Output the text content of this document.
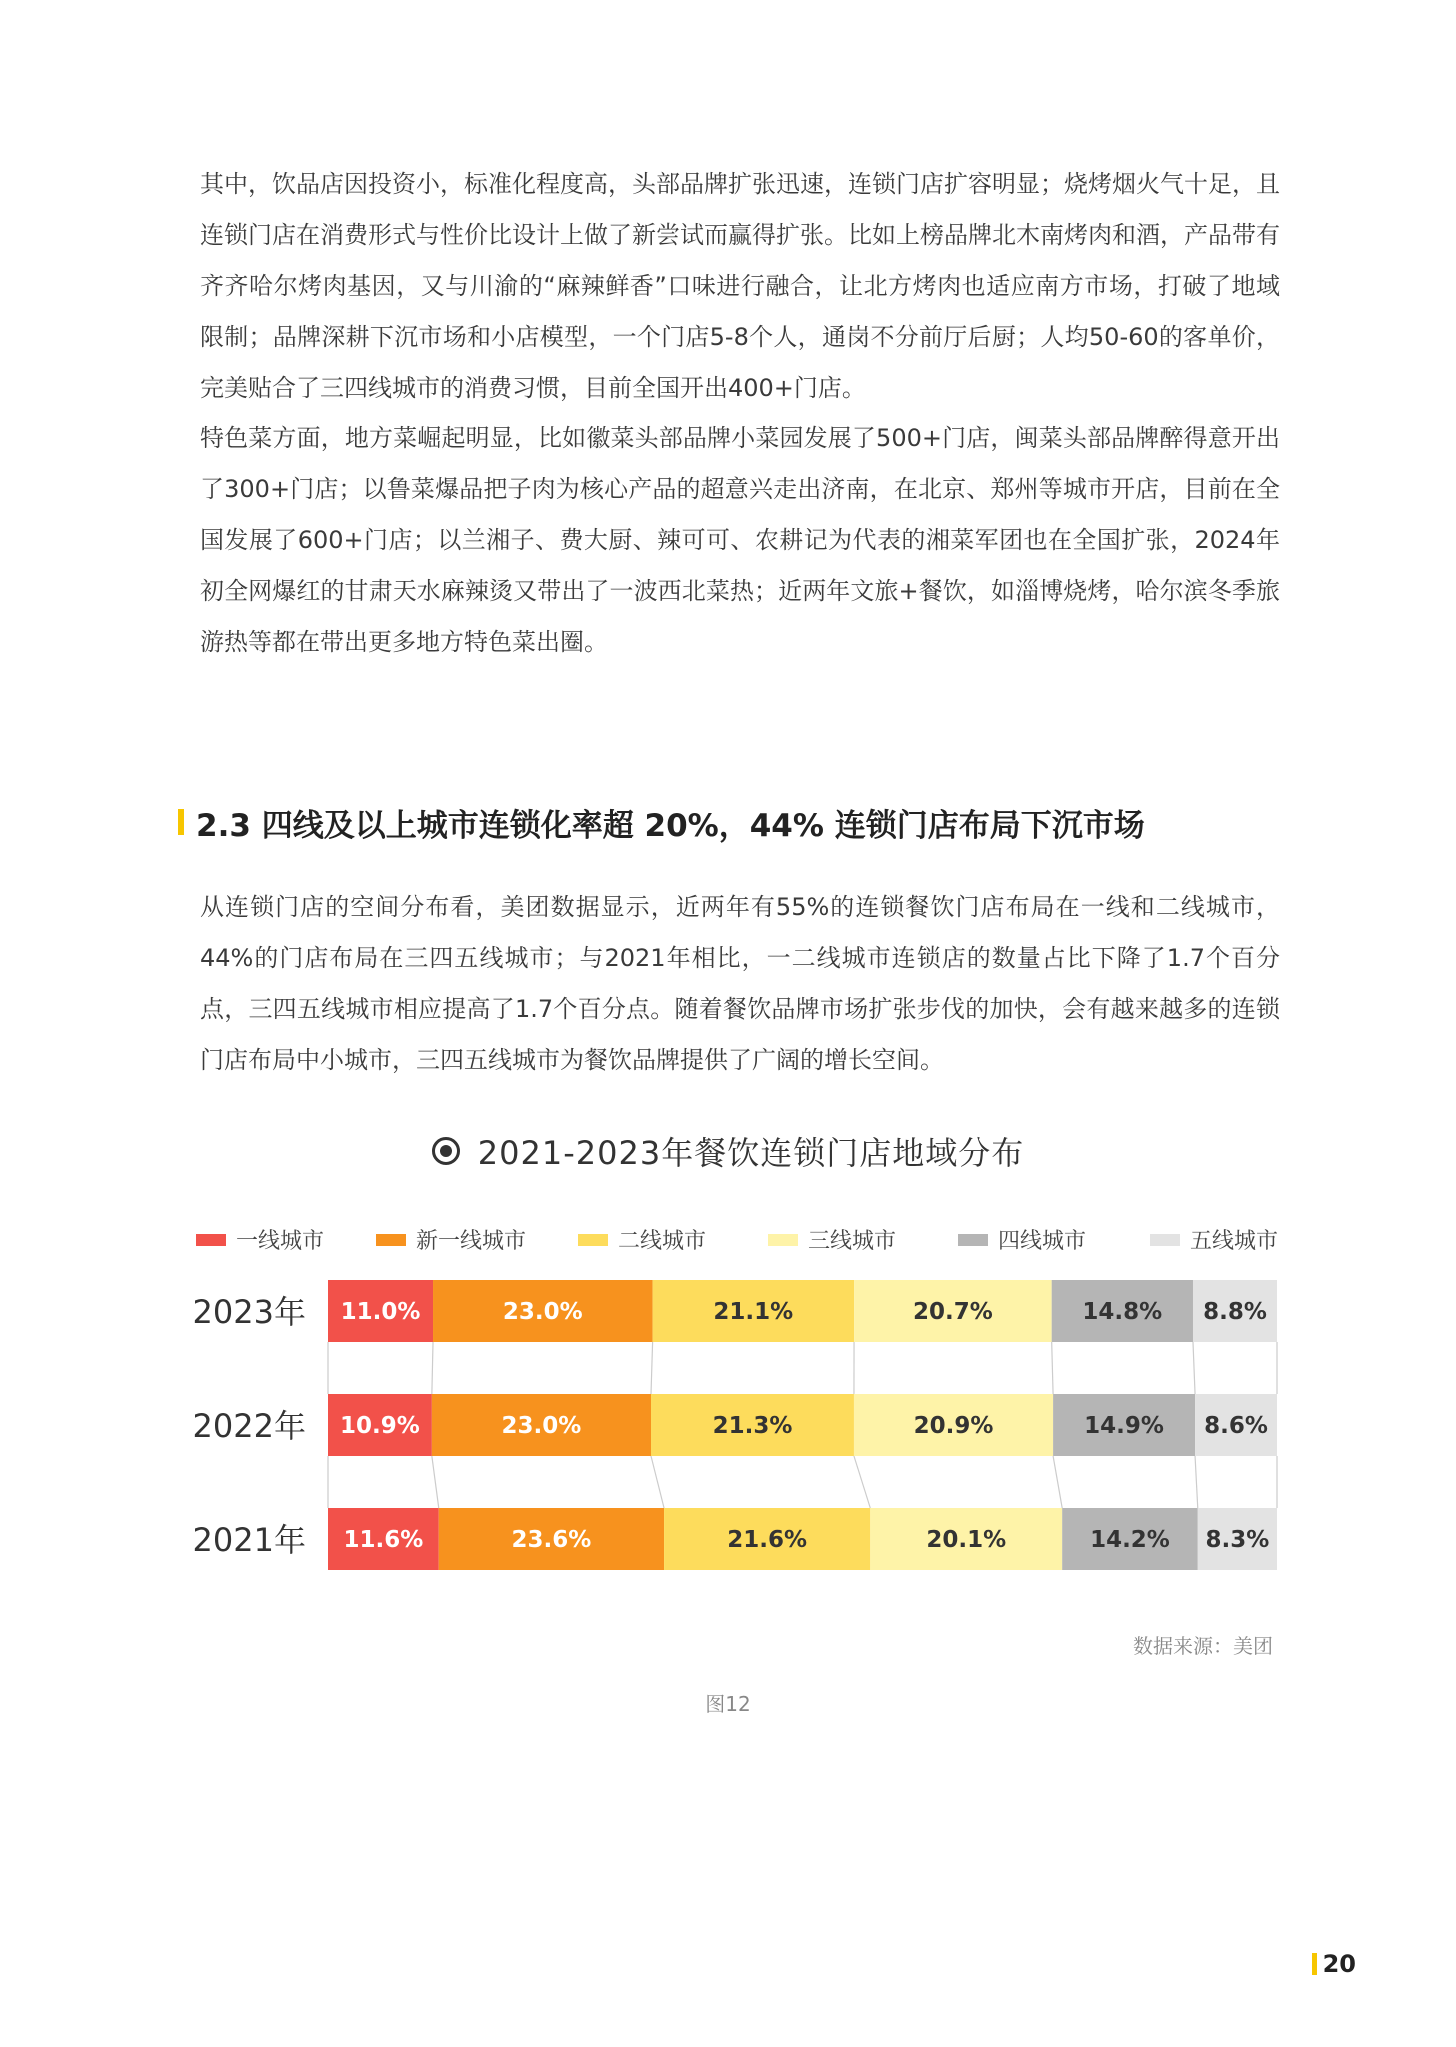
其中，饮品店因投资小，标准化程度高，头部品牌扩张迅速，连锁门店扩容明显；烧烤烟火气十足，且连锁门店在消费形式与性价比设计上做了新尝试而赢得扩张。比如上榜品牌北木南烤肉和酒，产品带有齐齐哈尔烤肉基因，又与川渝的“麻辣鲜香”口味进行融合，让北方烤肉也适应南方市场，打破了地域限制；品牌深耕下沉市场和小店模型，一个门店5-8个人，通岗不分前厅后厨；人均50-60的客单价，完美贴合了三四线城市的消费习惯，目前全国开出400+门店。

特色菜方面，地方菜崛起明显，比如徽菜头部品牌小菜园发展了500+门店，闽菜头部品牌醉得意开出了300+门店；以鲁菜爆品把子肉为核心产品的超意兴走出济南，在北京、郑州等城市开店，目前在全国发展了600+门店；以兰湘子、费大厨、辣可可、农耕记为代表的湘菜军团也在全国扩张，2024年初全网爆红的甘肃天水麻辣烫又带出了一波西北菜热；近两年文旅+餐饮，如淄博烧烤，哈尔滨冬季旅游热等都在带出更多地方特色菜出圈。

2.3 四线及以上城市连锁化率超 20%，44% 连锁门店布局下沉市场

从连锁门店的空间分布看，美团数据显示，近两年有55%的连锁餐饮门店布局在一线和二线城市，44%的门店布局在三四五线城市；与2021年相比，一二线城市连锁店的数量占比下降了1.7个百分点，三四五线城市相应提高了1.7个百分点。随着餐饮品牌市场扩张步伐的加快，会有越来越多的连锁门店布局中小城市，三四五线城市为餐饮品牌提供了广阔的增长空间。

2021-2023年餐饮连锁门店地域分布
一线城市	新一线城市	二线城市	三线城市	四线城市	五线城市
2023年 11.0%	23.0%	21.1%	20.7%	14.8% 8.8%
2022年 10.9%	23.0%	21.3%	20.9%	14.9% 8.6%
2021年 11.6%	23.6%	21.6%	20.1%	14.2% 8.3%
数据来源：美团
图12
20
